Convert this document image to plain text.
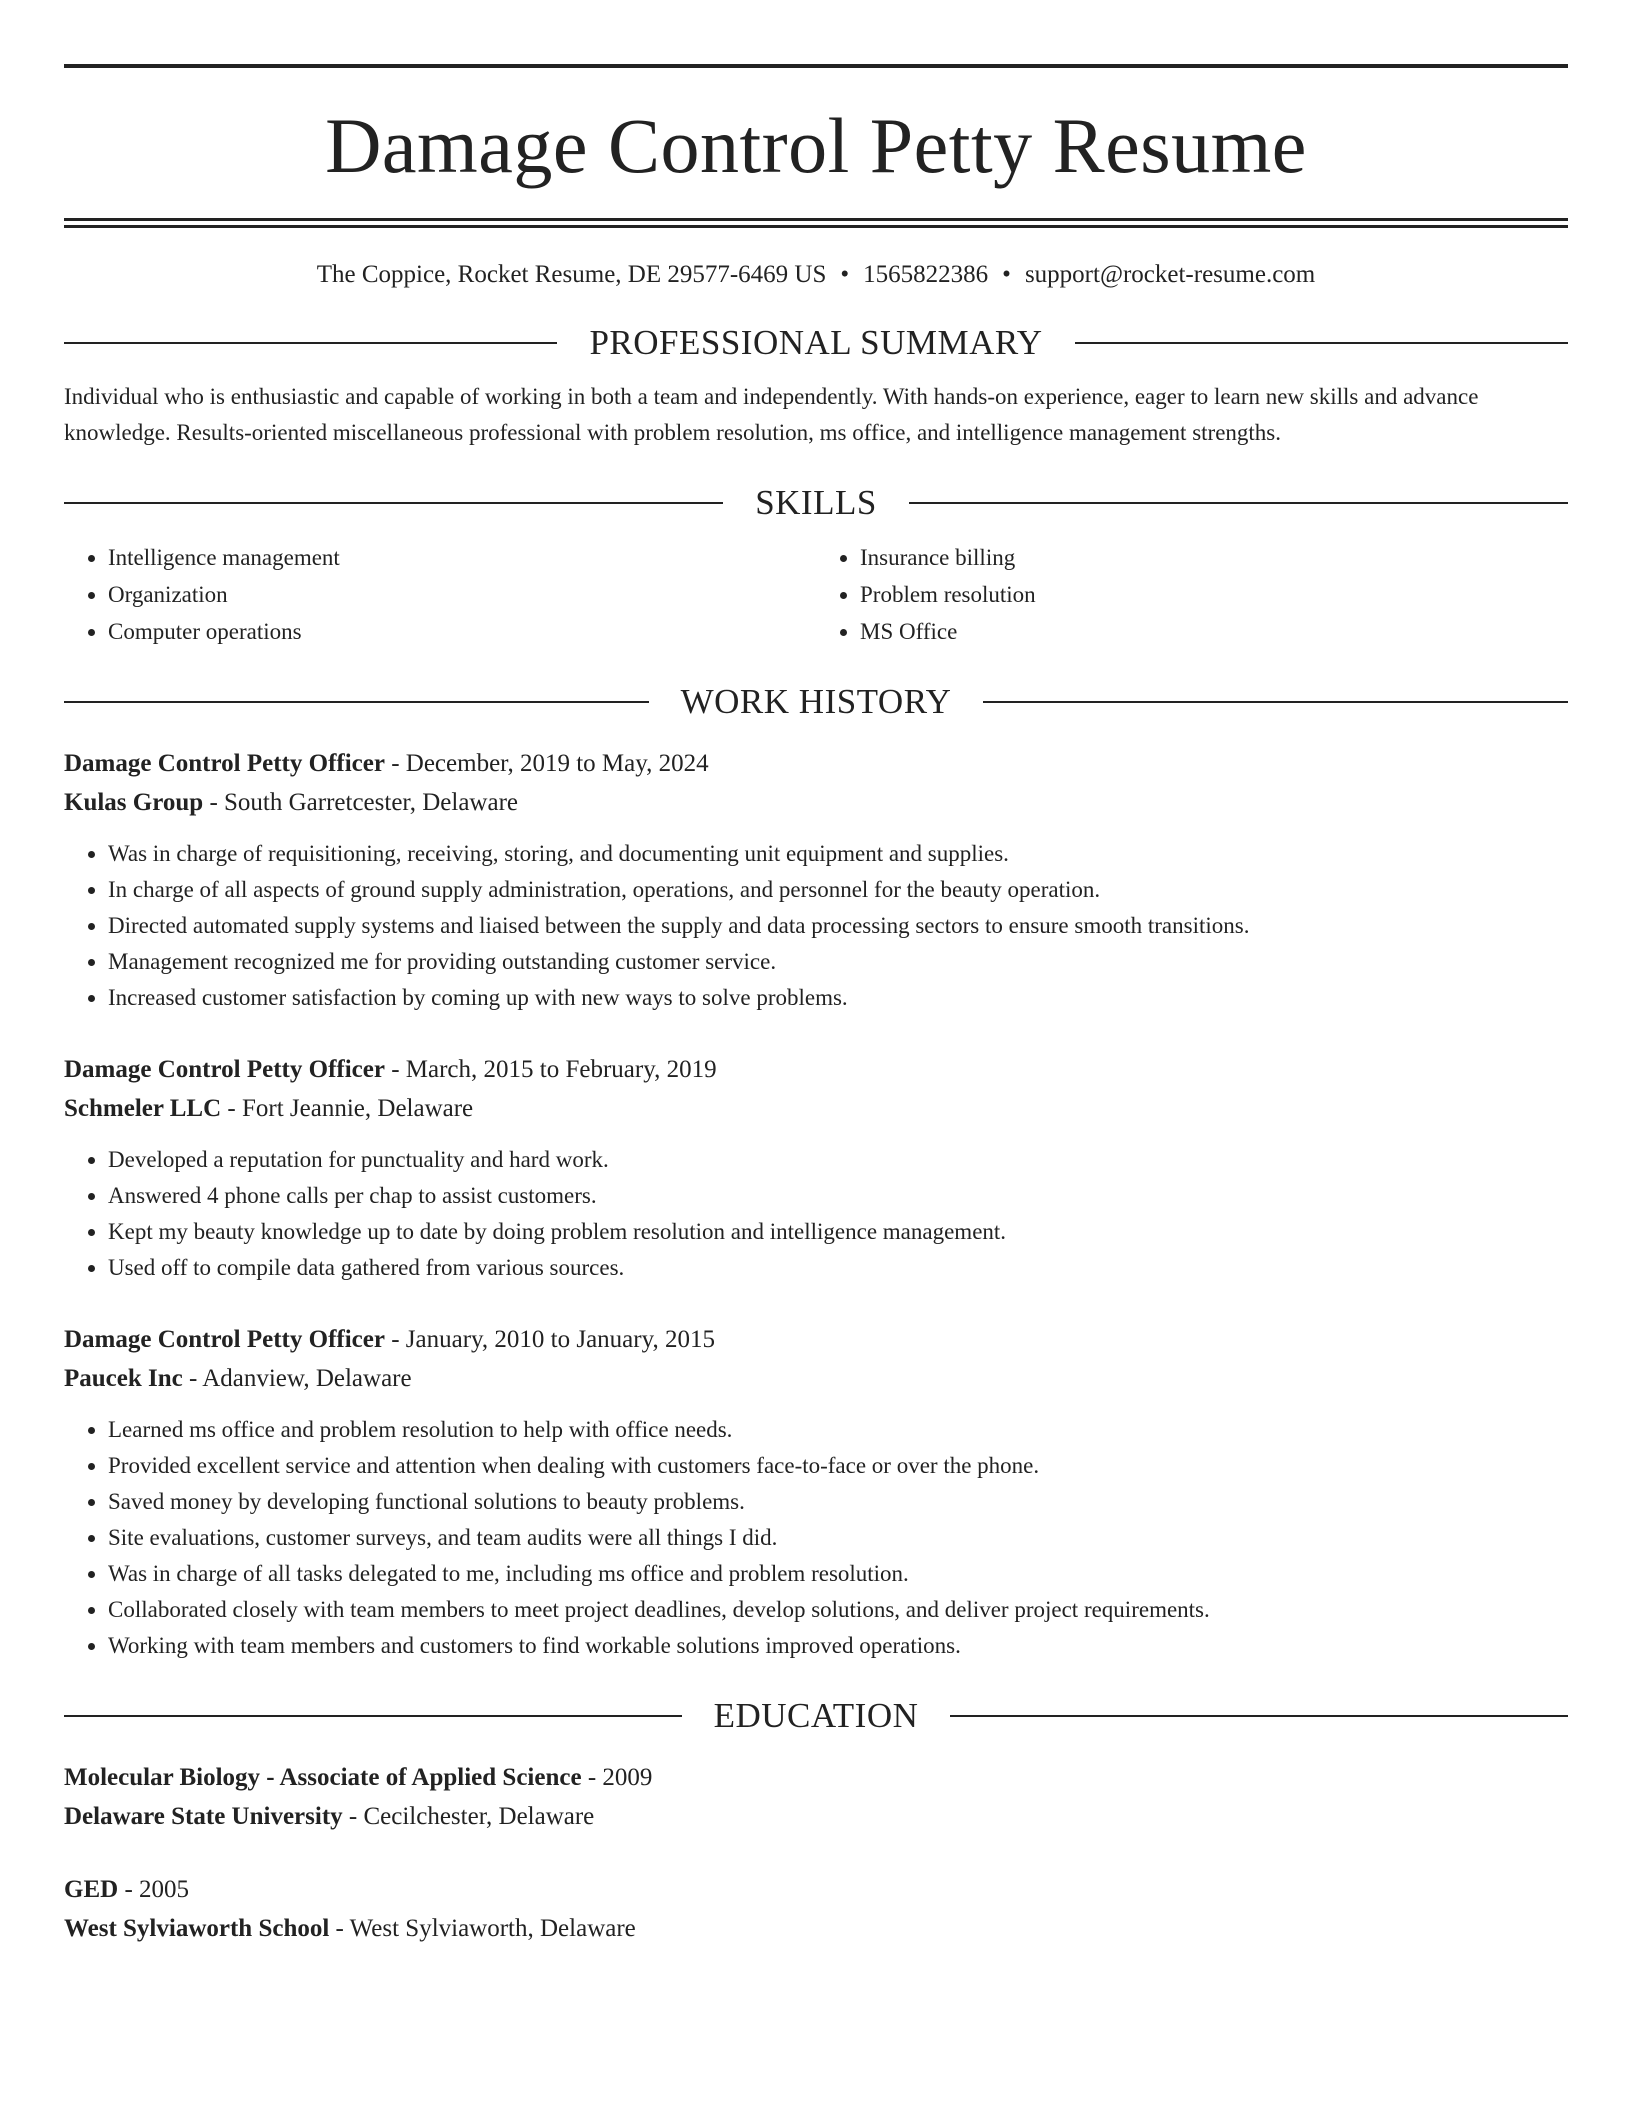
Damage Control Petty Resume
The Coppice, Rocket Resume, DE 29577-6469 US • 1565822386 • support@rocket-resume.com
PROFESSIONAL SUMMARY

Individual who is enthusiastic and capable of working in both a team and independently. With hands-on experience, eager to learn new skills and advance knowledge. Results-oriented miscellaneous professional with problem resolution, ms office, and intelligence management strengths.

SKILLS
• Intelligence management
• Organization
• Computer operations
• Insurance billing
• Problem resolution
• MS Office
WORK HISTORY
Damage Control Petty Officer - December, 2019 to May, 2024
Kulas Group - South Garretcester, Delaware
• Was in charge of requisitioning, receiving, storing, and documenting unit equipment and supplies.
• In charge of all aspects of ground supply administration, operations, and personnel for the beauty operation.
• Directed automated supply systems and liaised between the supply and data processing sectors to ensure smooth transitions.
• Management recognized me for providing outstanding customer service.
• Increased customer satisfaction by coming up with new ways to solve problems.
Damage Control Petty Officer - March, 2015 to February, 2019
Schmeler LLC - Fort Jeannie, Delaware
• Developed a reputation for punctuality and hard work.
• Answered 4 phone calls per chap to assist customers.
• Kept my beauty knowledge up to date by doing problem resolution and intelligence management.
• Used off to compile data gathered from various sources.
Damage Control Petty Officer - January, 2010 to January, 2015
Paucek Inc - Adanview, Delaware
• Learned ms office and problem resolution to help with office needs.
• Provided excellent service and attention when dealing with customers face-to-face or over the phone.
• Saved money by developing functional solutions to beauty problems.
• Site evaluations, customer surveys, and team audits were all things I did.
• Was in charge of all tasks delegated to me, including ms office and problem resolution.
• Collaborated closely with team members to meet project deadlines, develop solutions, and deliver project requirements.
• Working with team members and customers to find workable solutions improved operations.
EDUCATION
Molecular Biology - Associate of Applied Science - 2009
Delaware State University - Cecilchester, Delaware
GED - 2005
West Sylviaworth School - West Sylviaworth, Delaware
